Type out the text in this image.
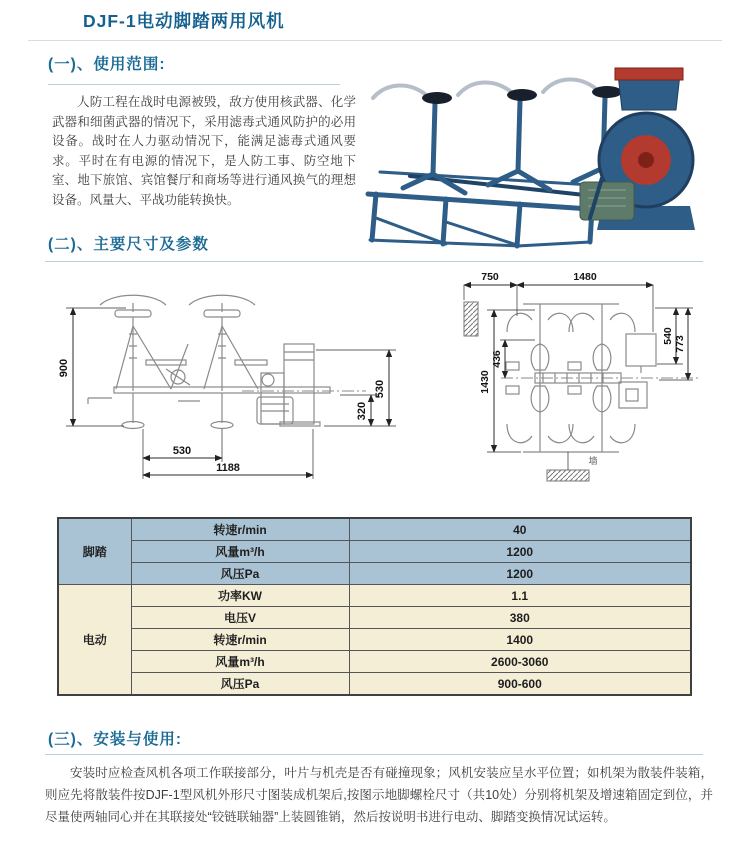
DJF-1电动脚踏两用风机
(一)、使用范围:

人防工程在战时电源被毁，敌方使用核武器、化学武器和细菌武器的情况下，采用滤毒式通风防护的必用设备。战时在人力驱动情况下，能满足滤毒式通风要求。平时在有电源的情况下，是人防工事、防空地下室、地下旅馆、宾馆餐厅和商场等进行通风换气的理想设备。风量大、平战功能转换快。

(二)、主要尺寸及参数
900
530
320
530
1188
墙
750	1480
1430
436
540 773
脚踏	转速r/min	40
	风量m³/h	1200
	风压Pa	1200
电动	功率KW	1.1
	电压V	380
	转速r/min	1400
	风量m³/h	2600-3060
	风压Pa	900-600
(三)、安装与使用:

安装时应检查风机各项工作联接部分，叶片与机壳是否有碰撞现象；风机安装应呈水平位置；如机架为散装件装箱，则应先将散装件按DJF-1型风机外形尺寸图装成机架后,按图示地脚螺栓尺寸（共10处）分别将机架及增速箱固定到位，并尽量使两轴同心并在其联接处“铰链联轴器”上装圆锥销，然后按说明书进行电动、脚踏变换情况试运转。
